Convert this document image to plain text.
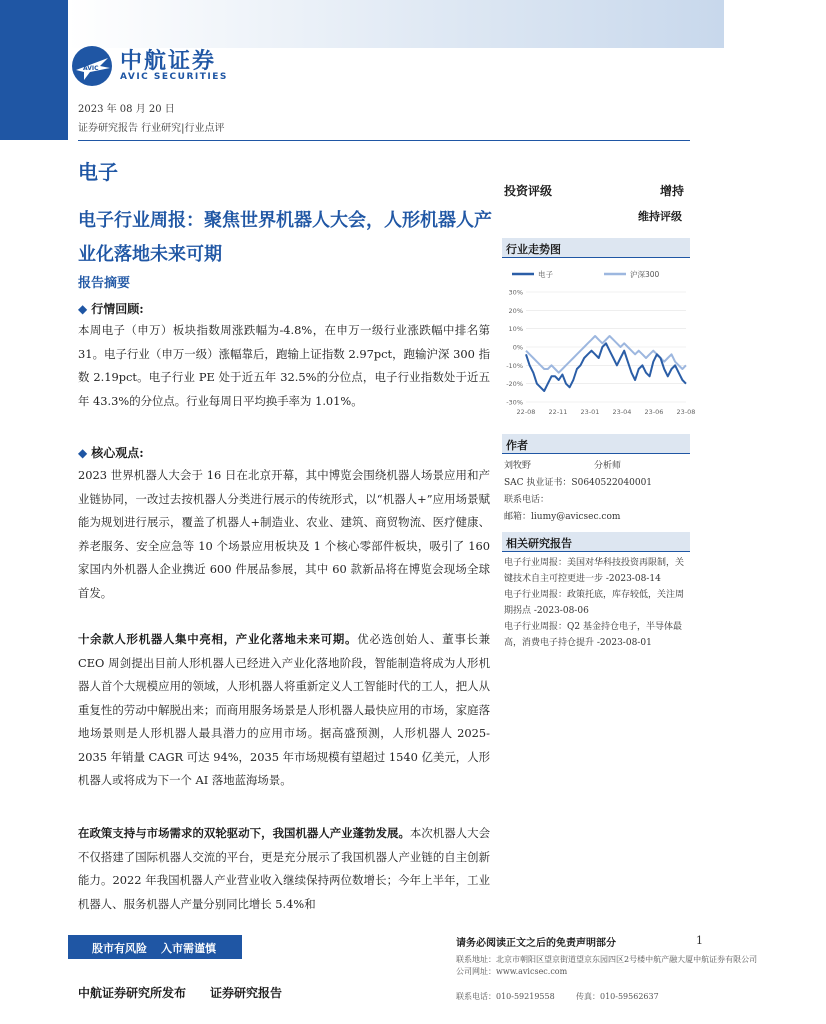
AVIC 中航证券
AVIC SECURITIES
2023 年 08 月 20 日
证券研究报告 行业研究|行业点评
电子
电子行业周报：聚焦世界机器人大会，人形机器人产业化落地未来可期
报告摘要
◆ 行情回顾:
本周电子（申万）板块指数周涨跌幅为-4.8%，在申万一级行业涨跌幅中排名第31。电子行业（申万一级）涨幅靠后，跑输上证指数 2.97pct，跑输沪深 300 指数 2.19pct。电子行业 PE 处于近五年 32.5%的分位点，电子行业指数处于近五年 43.3%的分位点。行业每周日平均换手率为 1.01%。
◆ 核心观点:
2023 世界机器人大会于 16 日在北京开幕，其中博览会围绕机器人场景应用和产业链协同，一改过去按机器人分类进行展示的传统形式，以“机器人+”应用场景赋能为规划进行展示，覆盖了机器人+制造业、农业、建筑、商贸物流、医疗健康、养老服务、安全应急等 10 个场景应用板块及 1 个核心零部件板块，吸引了 160 家国内外机器人企业携近 600 件展品参展，其中 60 款新品将在博览会现场全球首发。
十余款人形机器人集中亮相，产业化落地未来可期。优必选创始人、董事长兼 CEO 周剑提出目前人形机器人已经进入产业化落地阶段，智能制造将成为人形机器人首个大规模应用的领域，人形机器人将重新定义人工智能时代的工人，把人从重复性的劳动中解脱出来；而商用服务场景是人形机器人最快应用的市场，家庭落地场景则是人形机器人最具潜力的应用市场。据高盛预测，人形机器人 2025-2035 年销量 CAGR 可达 94%，2035 年市场规模有望超过 1540 亿美元，人形机器人或将成为下一个 AI 落地蓝海场景。
在政策支持与市场需求的双轮驱动下，我国机器人产业蓬勃发展。本次机器人大会不仅搭建了国际机器人交流的平台，更是充分展示了我国机器人产业链的自主创新能力。2022 年我国机器人产业营业收入继续保持两位数增长；今年上半年，工业机器人、服务机器人产量分别同比增长 5.4%和
投资评级	增持
维持评级
行业走势图
电子	沪深300
30%
20%
10%
0%
-10%
-20%
-30%
22-08 22-11 23-01 23-04 23-06 23-08
作者
刘牧野	分析师
SAC 执业证书：S0640522040001
联系电话：
邮箱：liumy@avicsec.com
相关研究报告
电子行业周报：美国对华科技投资再限制，关键技术自主可控更进一步 -2023-08-14
电子行业周报：政策托底，库存较低，关注周期拐点 -2023-08-06
电子行业周报：Q2 基金持仓电子，半导体最高，消费电子持仓提升 -2023-08-01
股市有风险 入市需谨慎	请务必阅读正文之后的免责声明部分	1
联系地址：北京市朝阳区望京街道望京东园四区2号楼中航产融大厦中航证券有限公司
公司网址：www.avicsec.com
联系电话：010-59219558	传真：010-59562637
中航证券研究所发布 证券研究报告
